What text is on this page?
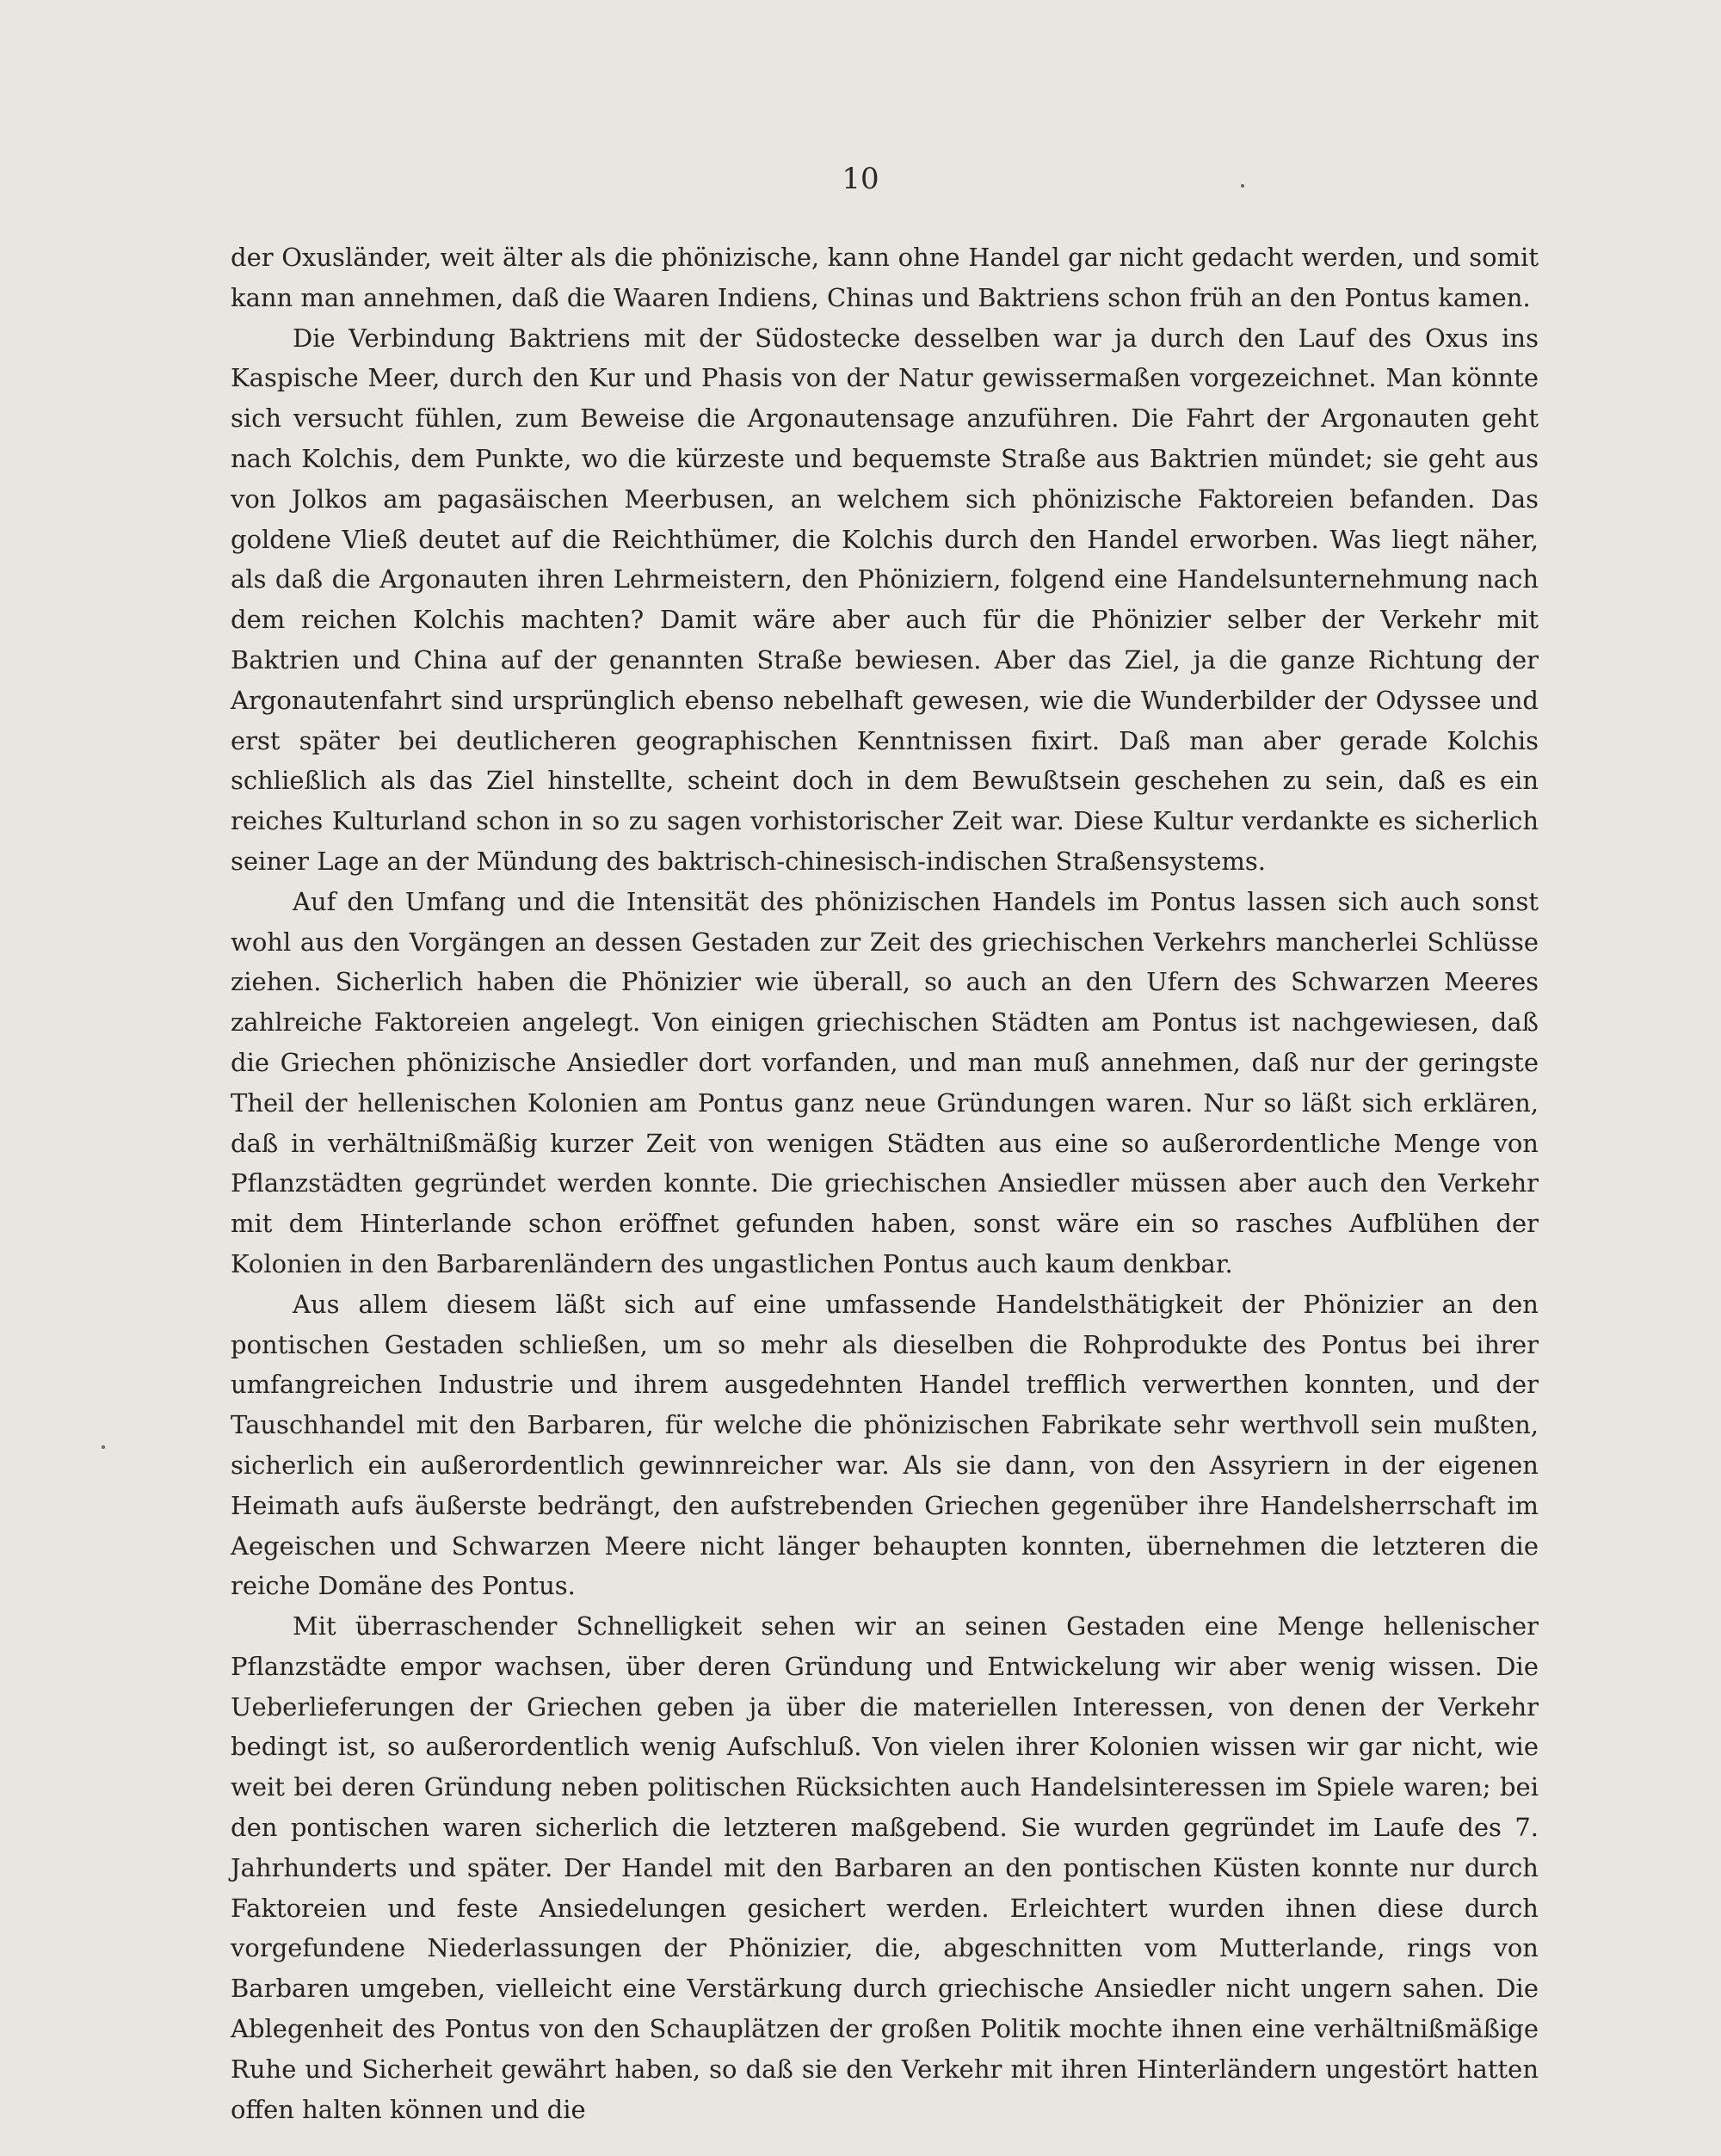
10

der Oxusländer, weit älter als die phönizische, kann ohne Handel gar nicht gedacht werden, und somit kann man annehmen, daß die Waaren Indiens, Chinas und Baktriens schon früh an den Pontus kamen.

Die Verbindung Baktriens mit der Südostecke desselben war ja durch den Lauf des Oxus ins Kaspische Meer, durch den Kur und Phasis von der Natur gewissermaßen vorgezeichnet. Man könnte sich versucht fühlen, zum Beweise die Argonautensage anzuführen. Die Fahrt der Argonauten geht nach Kolchis, dem Punkte, wo die kürzeste und bequemste Straße aus Baktrien mündet; sie geht aus von Jolkos am pagasäischen Meerbusen, an welchem sich phönizische Faktoreien befanden. Das goldene Vließ deutet auf die Reichthümer, die Kolchis durch den Handel erworben. Was liegt näher, als daß die Argonauten ihren Lehrmeistern, den Phöniziern, folgend eine Handelsunternehmung nach dem reichen Kolchis machten? Damit wäre aber auch für die Phönizier selber der Verkehr mit Baktrien und China auf der genannten Straße bewiesen. Aber das Ziel, ja die ganze Richtung der Argonautenfahrt sind ursprünglich ebenso nebelhaft gewesen, wie die Wunderbilder der Odyssee und erst später bei deutlicheren geographischen Kenntnissen fixirt. Daß man aber gerade Kolchis schließlich als das Ziel hinstellte, scheint doch in dem Bewußtsein geschehen zu sein, daß es ein reiches Kulturland schon in so zu sagen vorhistorischer Zeit war. Diese Kultur verdankte es sicherlich seiner Lage an der Mündung des baktrisch-chinesisch-indischen Straßensystems.

Auf den Umfang und die Intensität des phönizischen Handels im Pontus lassen sich auch sonst wohl aus den Vorgängen an dessen Gestaden zur Zeit des griechischen Verkehrs mancherlei Schlüsse ziehen. Sicherlich haben die Phönizier wie überall, so auch an den Ufern des Schwarzen Meeres zahlreiche Faktoreien angelegt. Von einigen griechischen Städten am Pontus ist nachgewiesen, daß die Griechen phönizische Ansiedler dort vorfanden, und man muß annehmen, daß nur der geringste Theil der hellenischen Kolonien am Pontus ganz neue Gründungen waren. Nur so läßt sich erklären, daß in verhältnißmäßig kurzer Zeit von wenigen Städten aus eine so außerordentliche Menge von Pflanzstädten gegründet werden konnte. Die griechischen Ansiedler müssen aber auch den Verkehr mit dem Hinterlande schon eröffnet gefunden haben, sonst wäre ein so rasches Aufblühen der Kolonien in den Barbarenländern des ungastlichen Pontus auch kaum denkbar.

Aus allem diesem läßt sich auf eine umfassende Handelsthätigkeit der Phönizier an den pontischen Gestaden schließen, um so mehr als dieselben die Rohprodukte des Pontus bei ihrer umfangreichen Industrie und ihrem ausgedehnten Handel trefflich verwerthen konnten, und der Tauschhandel mit den Barbaren, für welche die phönizischen Fabrikate sehr werthvoll sein mußten, sicherlich ein außerordentlich gewinnreicher war. Als sie dann, von den Assyriern in der eigenen Heimath aufs äußerste bedrängt, den aufstrebenden Griechen gegenüber ihre Handelsherrschaft im Aegeischen und Schwarzen Meere nicht länger behaupten konnten, übernehmen die letzteren die reiche Domäne des Pontus.

Mit überraschender Schnelligkeit sehen wir an seinen Gestaden eine Menge hellenischer Pflanzstädte empor wachsen, über deren Gründung und Entwickelung wir aber wenig wissen. Die Ueberlieferungen der Griechen geben ja über die materiellen Interessen, von denen der Verkehr bedingt ist, so außerordentlich wenig Aufschluß. Von vielen ihrer Kolonien wissen wir gar nicht, wie weit bei deren Gründung neben politischen Rücksichten auch Handelsinteressen im Spiele waren; bei den pontischen waren sicherlich die letzteren maßgebend. Sie wurden gegründet im Laufe des 7. Jahrhunderts und später. Der Handel mit den Barbaren an den pontischen Küsten konnte nur durch Faktoreien und feste Ansiedelungen gesichert werden. Erleichtert wurden ihnen diese durch vorgefundene Niederlassungen der Phönizier, die, abgeschnitten vom Mutterlande, rings von Barbaren umgeben, vielleicht eine Verstärkung durch griechische Ansiedler nicht ungern sahen. Die Ablegenheit des Pontus von den Schauplätzen der großen Politik mochte ihnen eine verhältnißmäßige Ruhe und Sicherheit gewährt haben, so daß sie den Verkehr mit ihren Hinterländern ungestört hatten offen halten können und die
